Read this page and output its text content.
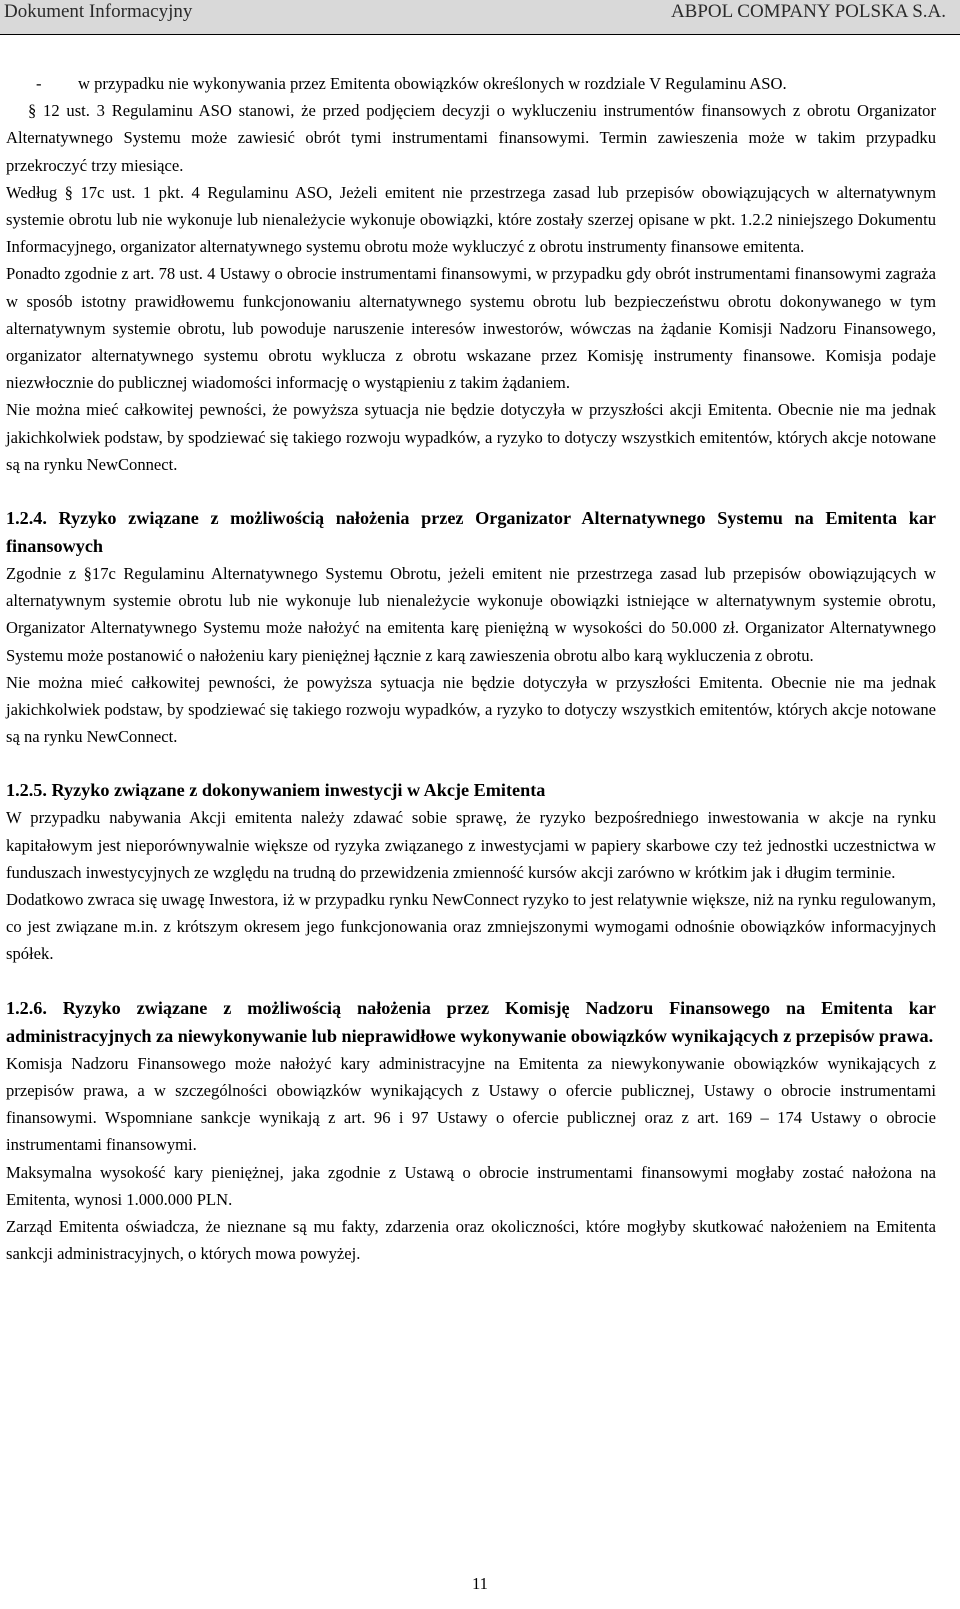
Dokument Informacyjny	ABPOL COMPANY POLSKA S.A.
-	w przypadku nie wykonywania przez Emitenta obowiązków określonych w rozdziale V Regulaminu ASO.

§ 12 ust. 3 Regulaminu ASO stanowi, że przed podjęciem decyzji o wykluczeniu instrumentów finansowych z obrotu Organizator Alternatywnego Systemu może zawiesić obrót tymi instrumentami finansowymi. Termin zawieszenia może w takim przypadku przekroczyć trzy miesiące.

Według § 17c ust. 1 pkt. 4 Regulaminu ASO, Jeżeli emitent nie przestrzega zasad lub przepisów obowiązujących w alternatywnym systemie obrotu lub nie wykonuje lub nienależycie wykonuje obowiązki, które zostały szerzej opisane w pkt. 1.2.2 niniejszego Dokumentu Informacyjnego, organizator alternatywnego systemu obrotu może wykluczyć z obrotu instrumenty finansowe emitenta.

Ponadto zgodnie z art. 78 ust. 4 Ustawy o obrocie instrumentami finansowymi, w przypadku gdy obrót instrumentami finansowymi zagraża w sposób istotny prawidłowemu funkcjonowaniu alternatywnego systemu obrotu lub bezpieczeństwu obrotu dokonywanego w tym alternatywnym systemie obrotu, lub powoduje naruszenie interesów inwestorów, wówczas na żądanie Komisji Nadzoru Finansowego, organizator alternatywnego systemu obrotu wyklucza z obrotu wskazane przez Komisję instrumenty finansowe. Komisja podaje niezwłocznie do publicznej wiadomości informację o wystąpieniu z takim żądaniem.

Nie można mieć całkowitej pewności, że powyższa sytuacja nie będzie dotyczyła w przyszłości akcji Emitenta. Obecnie nie ma jednak jakichkolwiek podstaw, by spodziewać się takiego rozwoju wypadków, a ryzyko to dotyczy wszystkich emitentów, których akcje notowane są na rynku NewConnect.

1.2.4. Ryzyko związane z możliwością nałożenia przez Organizator Alternatywnego Systemu na Emitenta kar finansowych

Zgodnie z §17c Regulaminu Alternatywnego Systemu Obrotu, jeżeli emitent nie przestrzega zasad lub przepisów obowiązujących w alternatywnym systemie obrotu lub nie wykonuje lub nienależycie wykonuje obowiązki istniejące w alternatywnym systemie obrotu, Organizator Alternatywnego Systemu może nałożyć na emitenta karę pieniężną w wysokości do 50.000 zł. Organizator Alternatywnego Systemu może postanowić o nałożeniu kary pieniężnej łącznie z karą zawieszenia obrotu albo karą wykluczenia z obrotu.

Nie można mieć całkowitej pewności, że powyższa sytuacja nie będzie dotyczyła w przyszłości Emitenta. Obecnie nie ma jednak jakichkolwiek podstaw, by spodziewać się takiego rozwoju wypadków, a ryzyko to dotyczy wszystkich emitentów, których akcje notowane są na rynku NewConnect.

1.2.5. Ryzyko związane z dokonywaniem inwestycji w Akcje Emitenta

W przypadku nabywania Akcji emitenta należy zdawać sobie sprawę, że ryzyko bezpośredniego inwestowania w akcje na rynku kapitałowym jest nieporównywalnie większe od ryzyka związanego z inwestycjami w papiery skarbowe czy też jednostki uczestnictwa w funduszach inwestycyjnych ze względu na trudną do przewidzenia zmienność kursów akcji zarówno w krótkim jak i długim terminie.

Dodatkowo zwraca się uwagę Inwestora, iż w przypadku rynku NewConnect ryzyko to jest relatywnie większe, niż na rynku regulowanym, co jest związane m.in. z krótszym okresem jego funkcjonowania oraz zmniejszonymi wymogami odnośnie obowiązków informacyjnych spółek.

1.2.6. Ryzyko związane z możliwością nałożenia przez Komisję Nadzoru Finansowego na Emitenta kar administracyjnych za niewykonywanie lub nieprawidłowe wykonywanie obowiązków wynikających z przepisów prawa.

Komisja Nadzoru Finansowego może nałożyć kary administracyjne na Emitenta za niewykonywanie obowiązków wynikających z przepisów prawa, a w szczególności obowiązków wynikających z Ustawy o ofercie publicznej, Ustawy o obrocie instrumentami finansowymi. Wspomniane sankcje wynikają z art. 96 i 97 Ustawy o ofercie publicznej oraz z art. 169 – 174 Ustawy o obrocie instrumentami finansowymi.

Maksymalna wysokość kary pieniężnej, jaka zgodnie z Ustawą o obrocie instrumentami finansowymi mogłaby zostać nałożona na Emitenta, wynosi 1.000.000 PLN.

Zarząd Emitenta oświadcza, że nieznane są mu fakty, zdarzenia oraz okoliczności, które mogłyby skutkować nałożeniem na Emitenta sankcji administracyjnych, o których mowa powyżej.

11
